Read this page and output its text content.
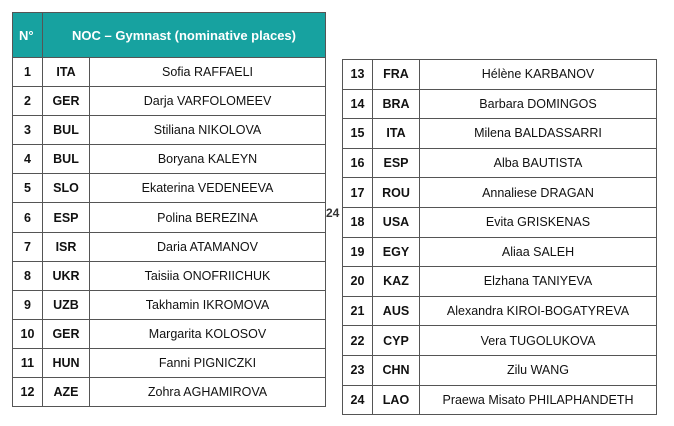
N°	NOC – Gymnast (nominative places)	
1	ITA	Sofia RAFFAELI
2	GER	Darja VARFOLOMEEV
3	BUL	Stiliana NIKOLOVA
4	BUL	Boryana KALEYN
5	SLO	Ekaterina VEDENEEVA
6	ESP	Polina BEREZINA
7	ISR	Daria ATAMANOV
8	UKR	Taisiia ONOFRIICHUK
9	UZB	Takhamin IKROMOVA
10	GER	Margarita KOLOSOV
11	HUN	Fanni PIGNICZKI
12	AZE	Zohra AGHAMIROVA
24
13	FRA	Hélène KARBANOV
14	BRA	Barbara DOMINGOS
15	ITA	Milena BALDASSARRI
16	ESP	Alba BAUTISTA
17	ROU	Annaliese DRAGAN
18	USA	Evita GRISKENAS
19	EGY	Aliaa SALEH
20	KAZ	Elzhana TANIYEVA
21	AUS	Alexandra KIROI-BOGATYREVA
22	CYP	Vera TUGOLUKOVA
23	CHN	Zilu WANG
24	LAO	Praewa Misato PHILAPHANDETH
